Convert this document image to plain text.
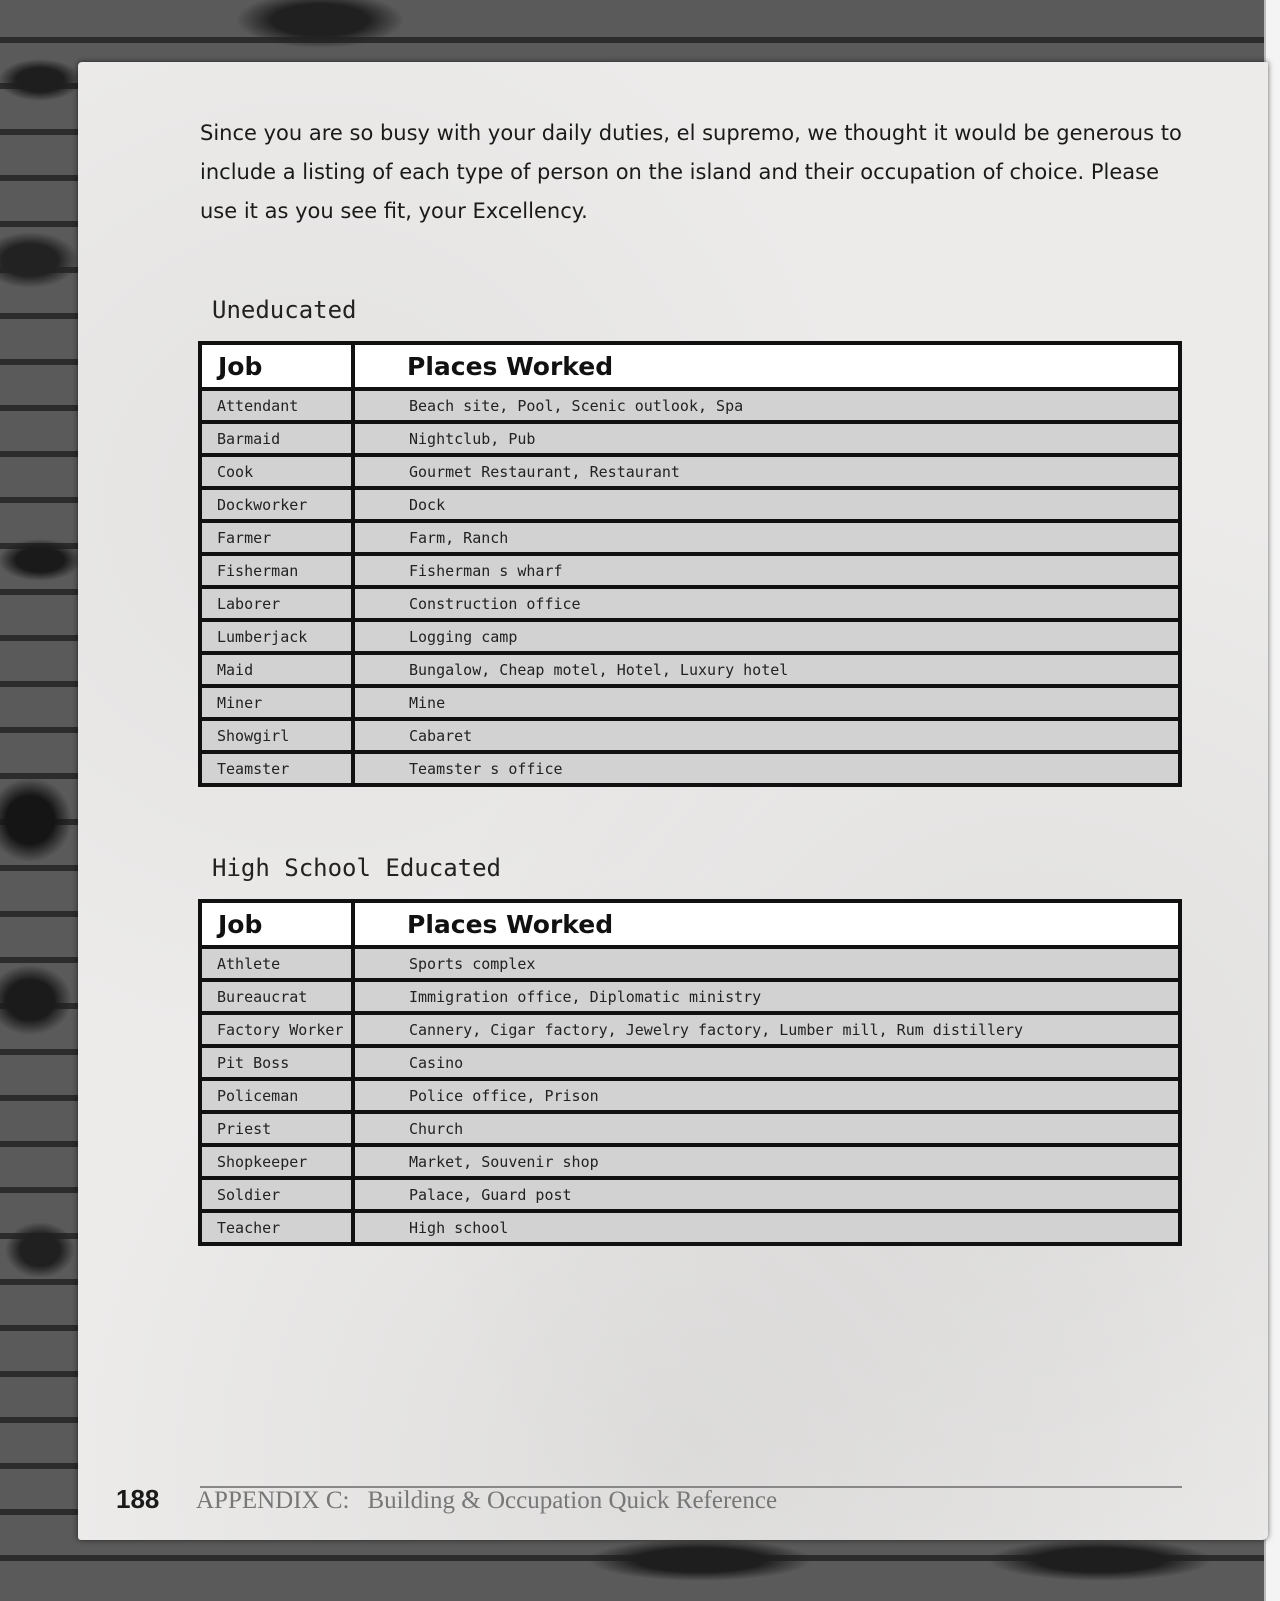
Since you are so busy with your daily duties, el supremo, we thought it would be generous to include a listing of each type of person on the island and their occupation of choice. Please use it as you see fit, your Excellency.

Uneducated
Job	Places Worked
Attendant	Beach site, Pool, Scenic outlook, Spa
Barmaid	Nightclub, Pub
Cook	Gourmet Restaurant, Restaurant
Dockworker	Dock
Farmer	Farm, Ranch
Fisherman	Fisherman s wharf
Laborer	Construction office
Lumberjack	Logging camp
Maid	Bungalow, Cheap motel, Hotel, Luxury hotel
Miner	Mine
Showgirl	Cabaret
Teamster	Teamster s office
High School Educated
Job	Places Worked
Athlete	Sports complex
Bureaucrat	Immigration office, Diplomatic ministry
Factory Worker	Cannery, Cigar factory, Jewelry factory, Lumber mill, Rum distillery
Pit Boss	Casino
Policeman	Police office, Prison
Priest	Church
Shopkeeper	Market, Souvenir shop
Soldier	Palace, Guard post
Teacher	High school
188 APPENDIX C: Building & Occupation Quick Reference
